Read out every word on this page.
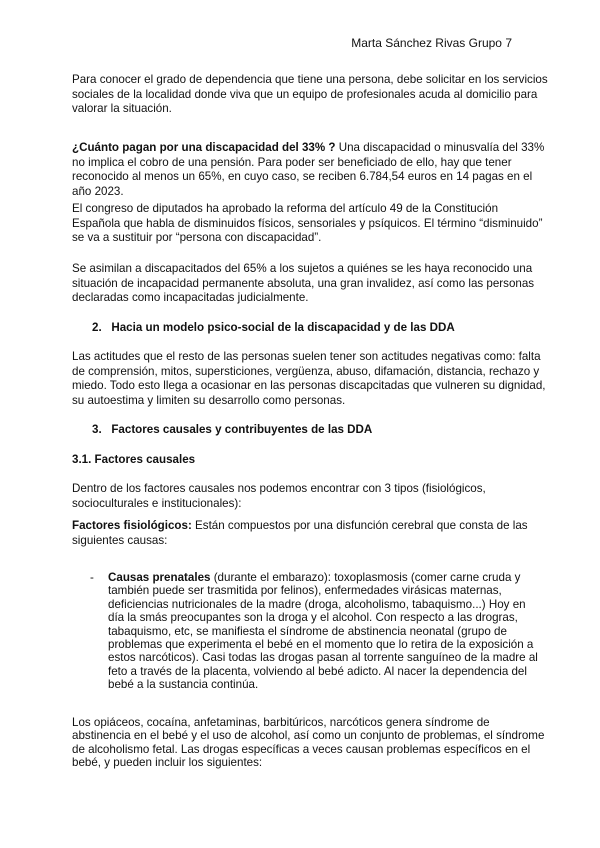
Marta Sánchez Rivas Grupo 7
Para conocer el grado de dependencia que tiene una persona, debe solicitar en los servicios
sociales de la localidad donde viva que un equipo de profesionales acuda al domicilio para
valorar la situación.
¿Cuánto pagan por una discapacidad del 33% ? Una discapacidad o minusvalía del 33%
no implica el cobro de una pensión. Para poder ser beneficiado de ello, hay que tener
reconocido al menos un 65%, en cuyo caso, se reciben 6.784,54 euros en 14 pagas en el
año 2023.
El congreso de diputados ha aprobado la reforma del artículo 49 de la Constitución
Española que habla de disminuidos físicos, sensoriales y psíquicos. El término “disminuido”
se va a sustituir por “persona con discapacidad”.
Se asimilan a discapacitados del 65% a los sujetos a quiénes se les haya reconocido una
situación de incapacidad permanente absoluta, una gran invalidez, así como las personas
declaradas como incapacitadas judicialmente.
2. Hacia un modelo psico-social de la discapacidad y de las DDA
Las actitudes que el resto de las personas suelen tener son actitudes negativas como: falta
de comprensión, mitos, supersticiones, vergüenza, abuso, difamación, distancia, rechazo y
miedo. Todo esto llega a ocasionar en las personas discapcitadas que vulneren su dignidad,
su autoestima y limiten su desarrollo como personas.
3. Factores causales y contribuyentes de las DDA
3.1. Factores causales
Dentro de los factores causales nos podemos encontrar con 3 tipos (fisiológicos,
socioculturales e institucionales):
Factores fisiológicos: Están compuestos por una disfunción cerebral que consta de las
siguientes causas:
- Causas prenatales (durante el embarazo): toxoplasmosis (comer carne cruda y
también puede ser trasmitida por felinos), enfermedades virásicas maternas,
deficiencias nutricionales de la madre (droga, alcoholismo, tabaquismo...) Hoy en
día la smás preocupantes son la droga y el alcohol. Con respecto a las drogras,
tabaquismo, etc, se manifiesta el síndrome de abstinencia neonatal (grupo de
problemas que experimenta el bebé en el momento que lo retira de la exposición a
estos narcóticos). Casi todas las drogas pasan al torrente sanguíneo de la madre al
feto a través de la placenta, volviendo al bebé adicto. Al nacer la dependencia del
bebé a la sustancia continúa.
Los opiáceos, cocaína, anfetaminas, barbitúricos, narcóticos genera síndrome de
abstinencia en el bebé y el uso de alcohol, así como un conjunto de problemas, el síndrome
de alcoholismo fetal. Las drogas específicas a veces causan problemas específicos en el
bebé, y pueden incluir los siguientes:
